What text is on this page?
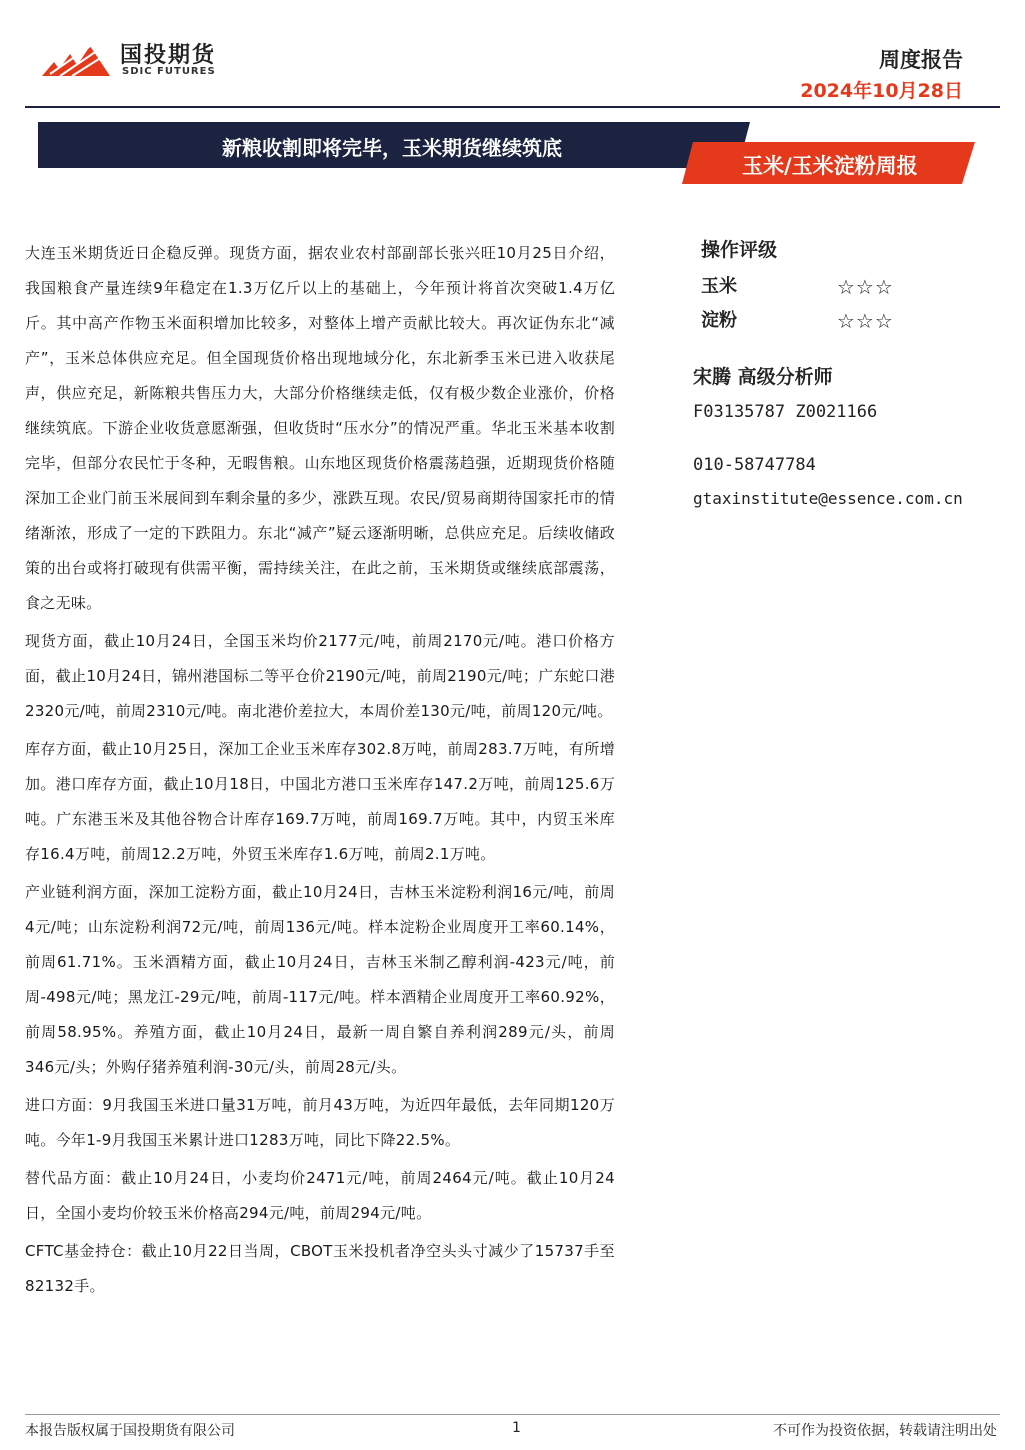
国投期货
SDIC FUTURES	周度报告
2024年10月28日
新粮收割即将完毕，玉米期货继续筑底
玉米/玉米淀粉周报

大连玉米期货近日企稳反弹。现货方面，据农业农村部副部长张兴旺10月25日介绍，我国粮食产量连续9年稳定在1.3万亿斤以上的基础上，今年预计将首次突破1.4万亿斤。其中高产作物玉米面积增加比较多，对整体上增产贡献比较大。再次证伪东北“减产”，玉米总体供应充足。但全国现货价格出现地域分化，东北新季玉米已进入收获尾声，供应充足，新陈粮共售压力大，大部分价格继续走低，仅有极少数企业涨价，价格继续筑底。下游企业收货意愿渐强，但收货时“压水分”的情况严重。华北玉米基本收割完毕，但部分农民忙于冬种，无暇售粮。山东地区现货价格震荡趋强，近期现货价格随深加工企业门前玉米展间到车剩余量的多少，涨跌互现。农民/贸易商期待国家托市的情绪渐浓，形成了一定的下跌阻力。东北“减产”疑云逐渐明晰，总供应充足。后续收储政策的出台或将打破现有供需平衡，需持续关注，在此之前，玉米期货或继续底部震荡，食之无味。

现货方面，截止10月24日，全国玉米均价2177元/吨，前周2170元/吨。港口价格方面，截止10月24日，锦州港国标二等平仓价2190元/吨，前周2190元/吨；广东蛇口港2320元/吨，前周2310元/吨。南北港价差拉大，本周价差130元/吨，前周120元/吨。

库存方面，截止10月25日，深加工企业玉米库存302.8万吨，前周283.7万吨，有所增加。港口库存方面，截止10月18日，中国北方港口玉米库存147.2万吨，前周125.6万吨。广东港玉米及其他谷物合计库存169.7万吨，前周169.7万吨。其中，内贸玉米库存16.4万吨，前周12.2万吨，外贸玉米库存1.6万吨，前周2.1万吨。

产业链利润方面，深加工淀粉方面，截止10月24日，吉林玉米淀粉利润16元/吨，前周4元/吨；山东淀粉利润72元/吨，前周136元/吨。样本淀粉企业周度开工率60.14%，前周61.71%。玉米酒精方面，截止10月24日，吉林玉米制乙醇利润-423元/吨，前周-498元/吨；黑龙江-29元/吨，前周-117元/吨。样本酒精企业周度开工率60.92%，前周58.95%。养殖方面，截止10月24日，最新一周自繁自养利润289元/头，前周346元/头；外购仔猪养殖利润-30元/头，前周28元/头。

进口方面：9月我国玉米进口量31万吨，前月43万吨，为近四年最低，去年同期120万吨。今年1-9月我国玉米累计进口1283万吨，同比下降22.5%。

替代品方面：截止10月24日，小麦均价2471元/吨，前周2464元/吨。截止10月24日，全国小麦均价较玉米价格高294元/吨，前周294元/吨。

CFTC基金持仓：截止10月22日当周，CBOT玉米投机者净空头头寸减少了15737手至82132手。

操作评级
玉米	☆☆☆
淀粉	☆☆☆
宋腾 高级分析师
F03135787 Z0021166
010-58747784
gtaxinstitute@essence.com.cn
本报告版权属于国投期货有限公司	1	不可作为投资依据，转载请注明出处
